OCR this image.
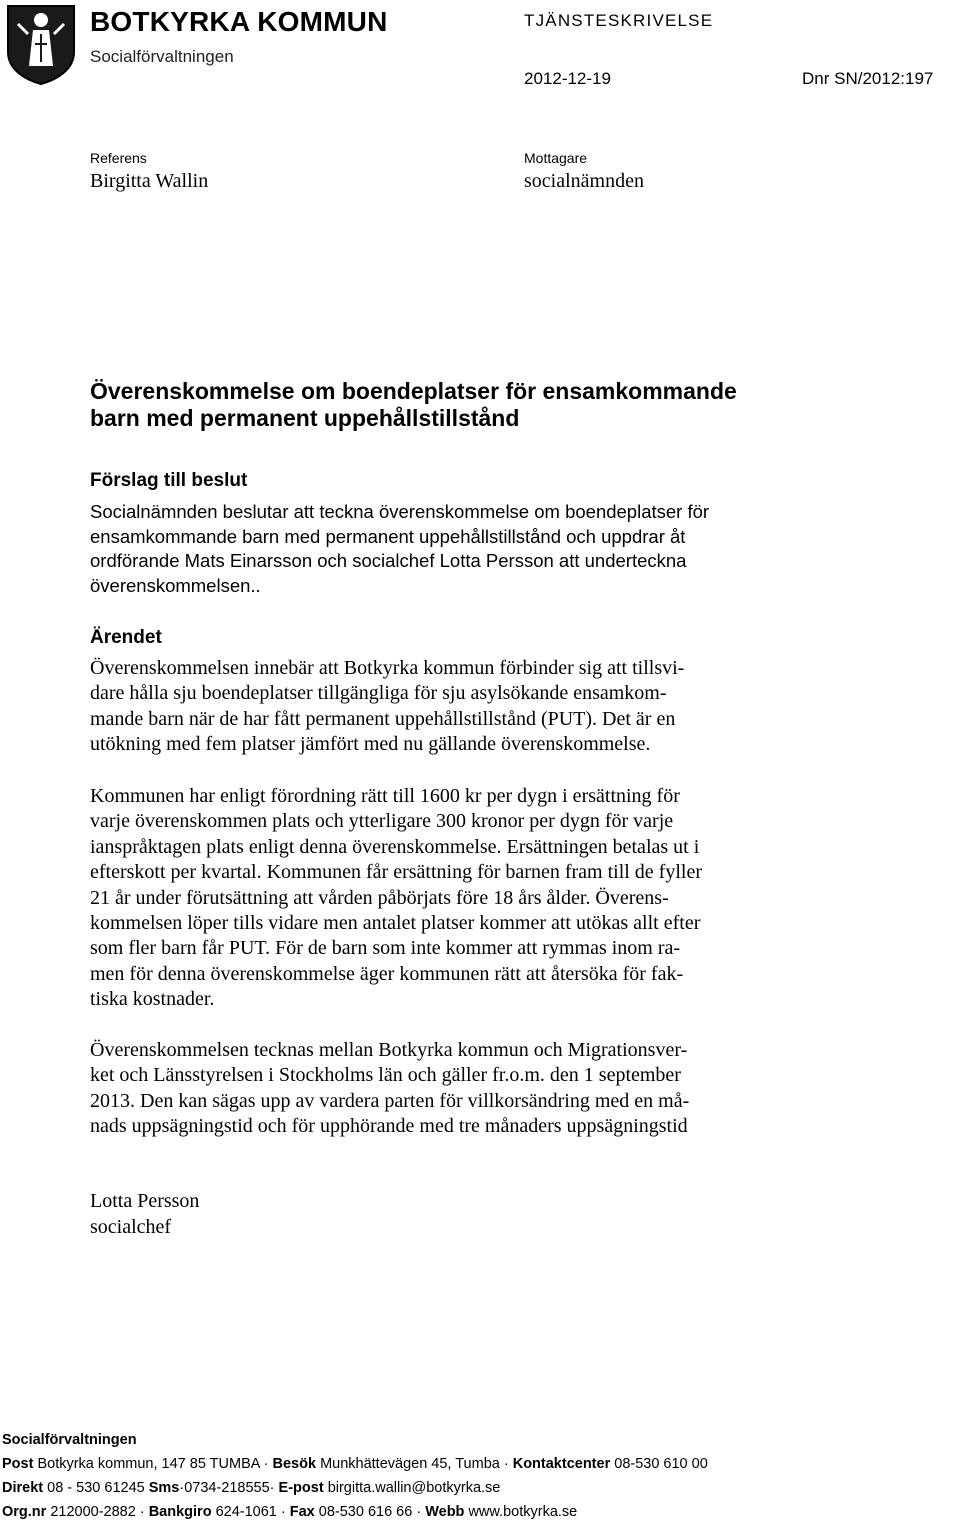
BOTKYRKA KOMMUN
Socialförvaltningen
TJÄNSTESKRIVELSE
2012-12-19	Dnr SN/2012:197
Referens
Birgitta Wallin
Mottagare
socialnämnden
Överenskommelse om boendeplatser för ensamkommande
barn med permanent uppehållstillstånd
Förslag till beslut
Socialnämnden beslutar att teckna överenskommelse om boendeplatser för
ensamkommande barn med permanent uppehållstillstånd och uppdrar åt
ordförande Mats Einarsson och socialchef Lotta Persson att underteckna
överenskommelsen..
Ärendet
Överenskommelsen innebär att Botkyrka kommun förbinder sig att tillsvi-
dare hålla sju boendeplatser tillgängliga för sju asylsökande ensamkom-
mande barn när de har fått permanent uppehållstillstånd (PUT). Det är en
utökning med fem platser jämfört med nu gällande överenskommelse.
Kommunen har enligt förordning rätt till 1600 kr per dygn i ersättning för
varje överenskommen plats och ytterligare 300 kronor per dygn för varje
ianspråktagen plats enligt denna överenskommelse. Ersättningen betalas ut i
efterskott per kvartal. Kommunen får ersättning för barnen fram till de fyller
21 år under förutsättning att vården påbörjats före 18 års ålder. Överens-
kommelsen löper tills vidare men antalet platser kommer att utökas allt efter
som fler barn får PUT. För de barn som inte kommer att rymmas inom ra-
men för denna överenskommelse äger kommunen rätt att återsöka för fak-
tiska kostnader.
Överenskommelsen tecknas mellan Botkyrka kommun och Migrationsver-
ket och Länsstyrelsen i Stockholms län och gäller fr.o.m. den 1 september
2013. Den kan sägas upp av vardera parten för villkorsändring med en må-
nads uppsägningstid och för upphörande med tre månaders uppsägningstid
Lotta Persson
socialchef
Socialförvaltningen
Post Botkyrka kommun, 147 85 TUMBA · Besök Munkhättevägen 45, Tumba · Kontaktcenter 08-530 610 00
Direkt 08 - 530 61245 Sms·0734-218555· E-post birgitta.wallin@botkyrka.se
Org.nr 212000-2882 · Bankgiro 624-1061 · Fax 08-530 616 66 · Webb www.botkyrka.se
